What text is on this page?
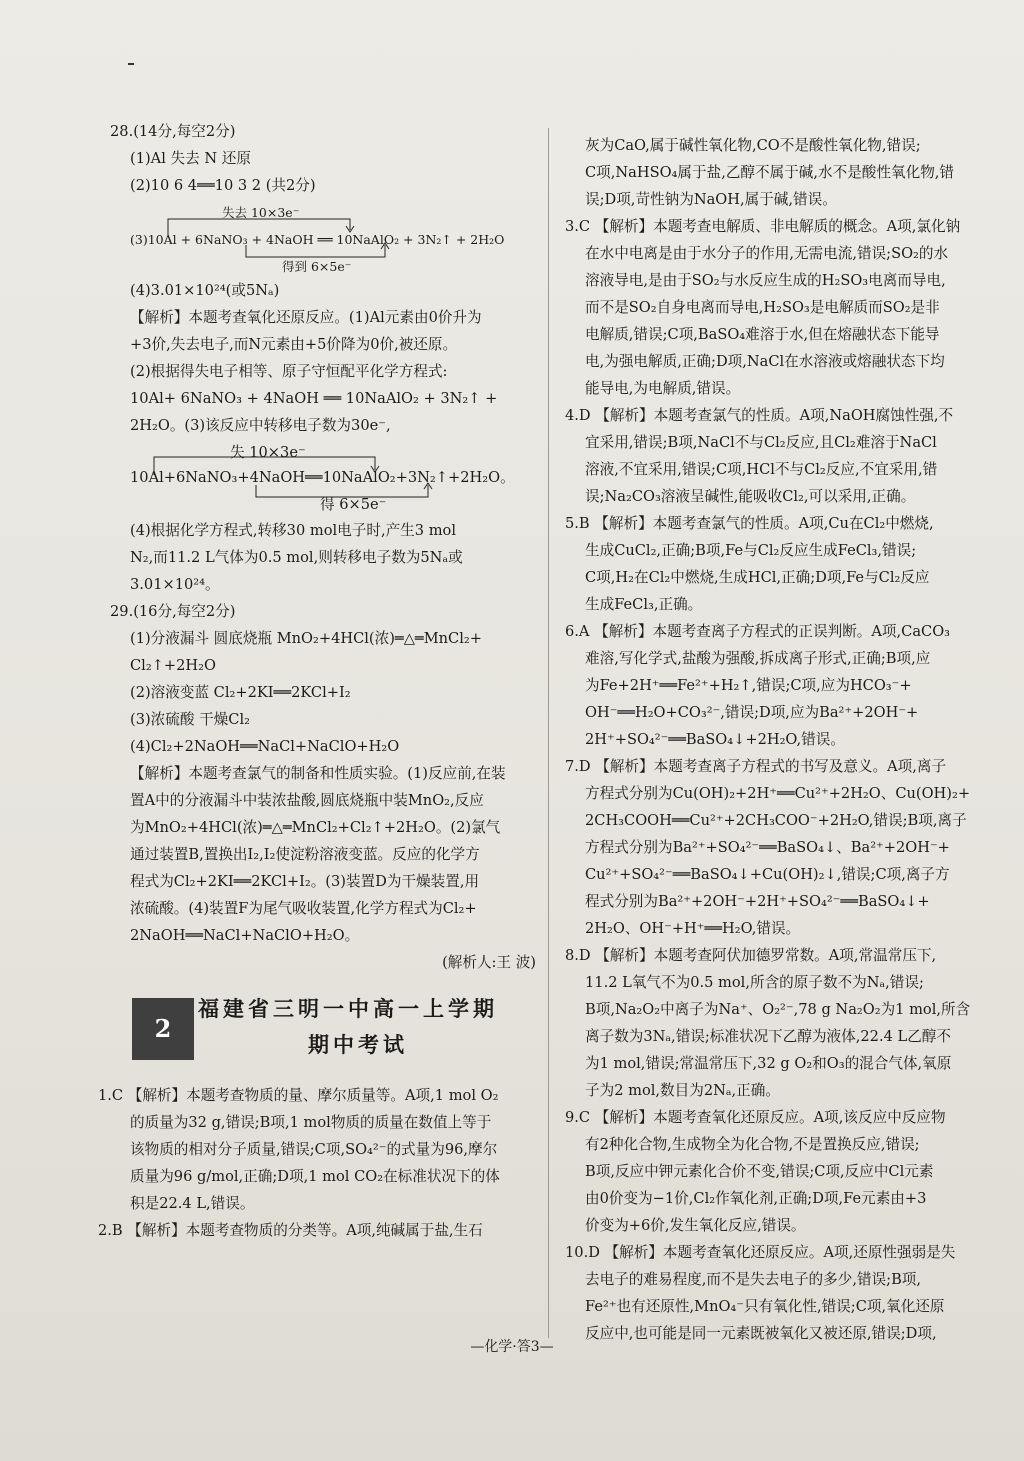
28.(14分,每空2分)
(1)Al 失去 N 还原
(2)10 6 4══10 3 2 (共2分)
失去 10×3e⁻
(3)10Al + 6NaNO₃ + 4NaOH ══ 10NaAlO₂ + 3N₂↑ + 2H₂O
得到 6×5e⁻
(4)3.01×10²⁴(或5Nₐ)
【解析】本题考查氧化还原反应。(1)Al元素由0价升为
+3价,失去电子,而N元素由+5价降为0价,被还原。
(2)根据得失电子相等、原子守恒配平化学方程式:
10Al+ 6NaNO₃ + 4NaOH ══ 10NaAlO₂ + 3N₂↑ +
2H₂O。(3)该反应中转移电子数为30e⁻,
失 10×3e⁻
10Al+6NaNO₃+4NaOH══10NaAlO₂+3N₂↑+2H₂O。
得 6×5e⁻
(4)根据化学方程式,转移30 mol电子时,产生3 mol
N₂,而11.2 L气体为0.5 mol,则转移电子数为5Nₐ或
3.01×10²⁴。
29.(16分,每空2分)
(1)分液漏斗 圆底烧瓶 MnO₂+4HCl(浓)═△═MnCl₂+
Cl₂↑+2H₂O
(2)溶液变蓝 Cl₂+2KI══2KCl+I₂
(3)浓硫酸 干燥Cl₂
(4)Cl₂+2NaOH══NaCl+NaClO+H₂O
【解析】本题考查氯气的制备和性质实验。(1)反应前,在装
置A中的分液漏斗中装浓盐酸,圆底烧瓶中装MnO₂,反应
为MnO₂+4HCl(浓)═△═MnCl₂+Cl₂↑+2H₂O。(2)氯气
通过装置B,置换出I₂,I₂使淀粉溶液变蓝。反应的化学方
程式为Cl₂+2KI══2KCl+I₂。(3)装置D为干燥装置,用
浓硫酸。(4)装置F为尾气吸收装置,化学方程式为Cl₂+
2NaOH══NaCl+NaClO+H₂O。
(解析人:王 波)
2
福建省三明一中高一上学期
期中考试
1.C 【解析】本题考查物质的量、摩尔质量等。A项,1 mol O₂
的质量为32 g,错误;B项,1 mol物质的质量在数值上等于
该物质的相对分子质量,错误;C项,SO₄²⁻的式量为96,摩尔
质量为96 g/mol,正确;D项,1 mol CO₂在标准状况下的体
积是22.4 L,错误。
2.B 【解析】本题考查物质的分类等。A项,纯碱属于盐,生石
灰为CaO,属于碱性氧化物,CO不是酸性氧化物,错误;
C项,NaHSO₄属于盐,乙醇不属于碱,水不是酸性氧化物,错
误;D项,苛性钠为NaOH,属于碱,错误。
3.C 【解析】本题考查电解质、非电解质的概念。A项,氯化钠
在水中电离是由于水分子的作用,无需电流,错误;SO₂的水
溶液导电,是由于SO₂与水反应生成的H₂SO₃电离而导电,
而不是SO₂自身电离而导电,H₂SO₃是电解质而SO₂是非
电解质,错误;C项,BaSO₄难溶于水,但在熔融状态下能导
电,为强电解质,正确;D项,NaCl在水溶液或熔融状态下均
能导电,为电解质,错误。
4.D 【解析】本题考查氯气的性质。A项,NaOH腐蚀性强,不
宜采用,错误;B项,NaCl不与Cl₂反应,且Cl₂难溶于NaCl
溶液,不宜采用,错误;C项,HCl不与Cl₂反应,不宜采用,错
误;Na₂CO₃溶液呈碱性,能吸收Cl₂,可以采用,正确。
5.B 【解析】本题考查氯气的性质。A项,Cu在Cl₂中燃烧,
生成CuCl₂,正确;B项,Fe与Cl₂反应生成FeCl₃,错误;
C项,H₂在Cl₂中燃烧,生成HCl,正确;D项,Fe与Cl₂反应
生成FeCl₃,正确。
6.A 【解析】本题考查离子方程式的正误判断。A项,CaCO₃
难溶,写化学式,盐酸为强酸,拆成离子形式,正确;B项,应
为Fe+2H⁺══Fe²⁺+H₂↑,错误;C项,应为HCO₃⁻+
OH⁻══H₂O+CO₃²⁻,错误;D项,应为Ba²⁺+2OH⁻+
2H⁺+SO₄²⁻══BaSO₄↓+2H₂O,错误。
7.D 【解析】本题考查离子方程式的书写及意义。A项,离子
方程式分别为Cu(OH)₂+2H⁺══Cu²⁺+2H₂O、Cu(OH)₂+
2CH₃COOH══Cu²⁺+2CH₃COO⁻+2H₂O,错误;B项,离子
方程式分别为Ba²⁺+SO₄²⁻══BaSO₄↓、Ba²⁺+2OH⁻+
Cu²⁺+SO₄²⁻══BaSO₄↓+Cu(OH)₂↓,错误;C项,离子方
程式分别为Ba²⁺+2OH⁻+2H⁺+SO₄²⁻══BaSO₄↓+
2H₂O、OH⁻+H⁺══H₂O,错误。
8.D 【解析】本题考查阿伏加德罗常数。A项,常温常压下,
11.2 L氧气不为0.5 mol,所含的原子数不为Nₐ,错误;
B项,Na₂O₂中离子为Na⁺、O₂²⁻,78 g Na₂O₂为1 mol,所含
离子数为3Nₐ,错误;标准状况下乙醇为液体,22.4 L乙醇不
为1 mol,错误;常温常压下,32 g O₂和O₃的混合气体,氧原
子为2 mol,数目为2Nₐ,正确。
9.C 【解析】本题考查氧化还原反应。A项,该反应中反应物
有2种化合物,生成物全为化合物,不是置换反应,错误;
B项,反应中钾元素化合价不变,错误;C项,反应中Cl元素
由0价变为−1价,Cl₂作氧化剂,正确;D项,Fe元素由+3
价变为+6价,发生氧化反应,错误。
10.D 【解析】本题考查氧化还原反应。A项,还原性强弱是失
去电子的难易程度,而不是失去电子的多少,错误;B项,
Fe²⁺也有还原性,MnO₄⁻只有氧化性,错误;C项,氧化还原
反应中,也可能是同一元素既被氧化又被还原,错误;D项,
—化学·答3—
